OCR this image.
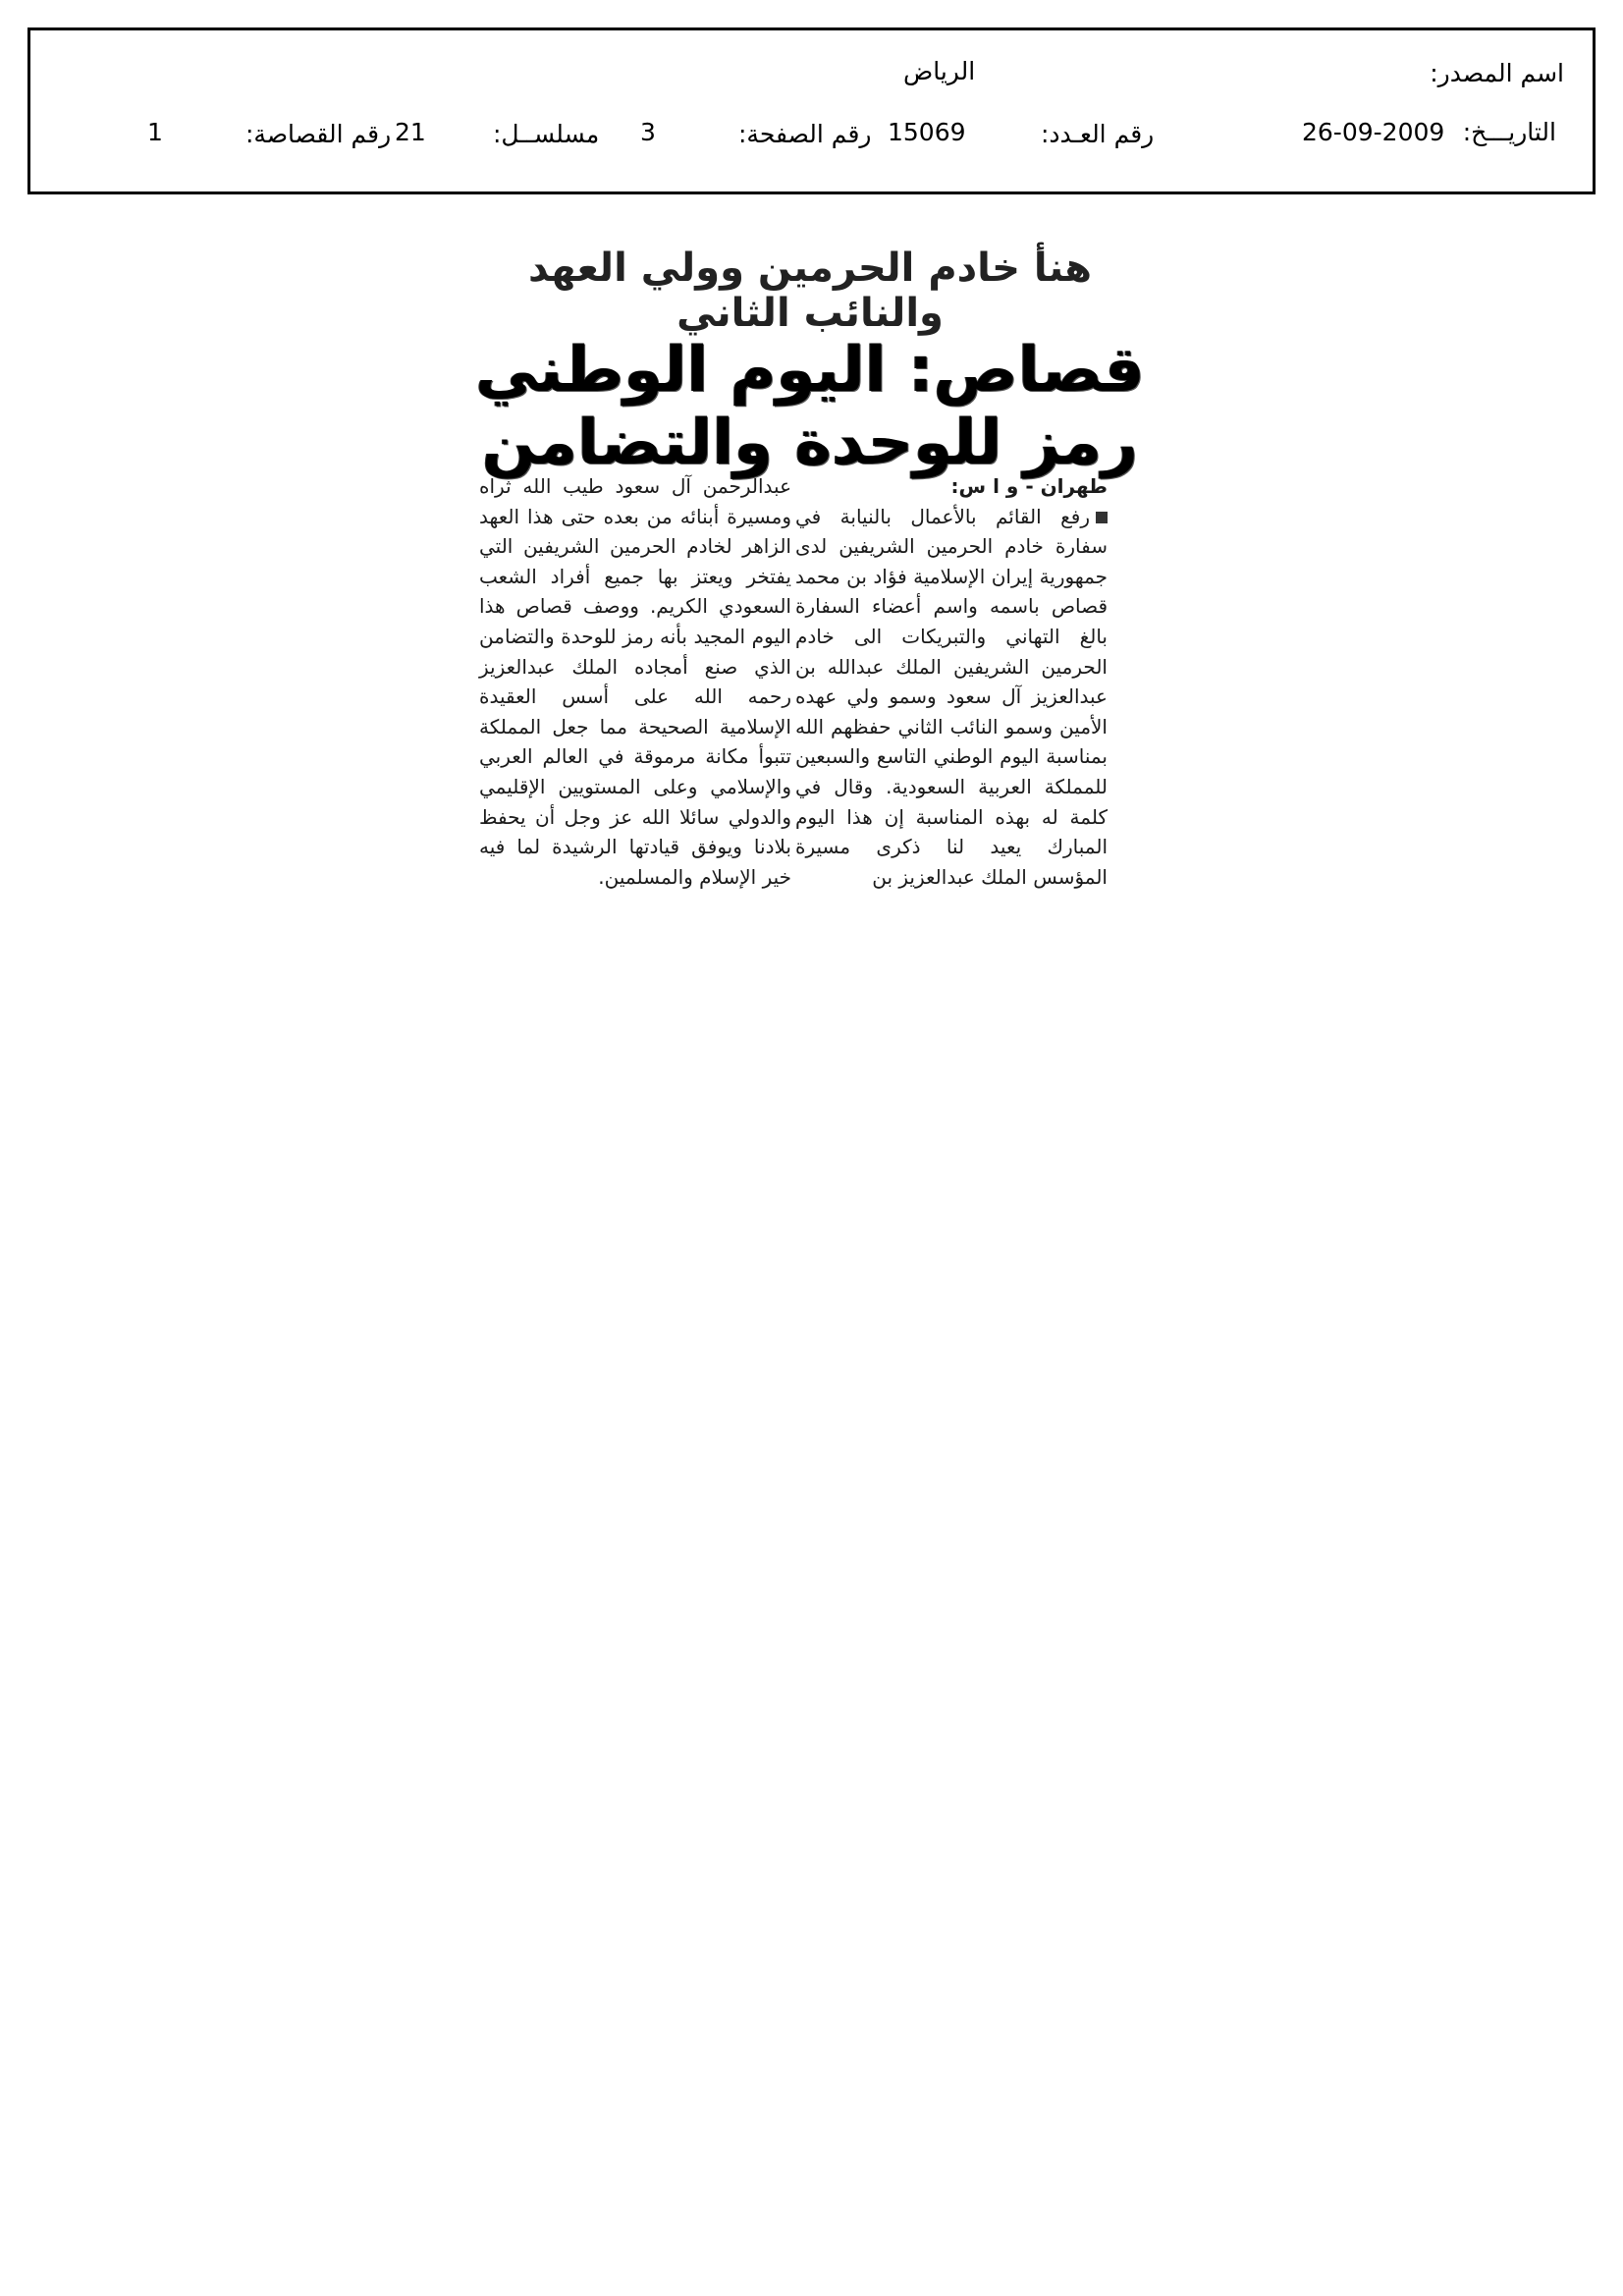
اسم المصدر:
الرياض
التاريـــخ:
26-09-2009
رقم العـدد:
15069
رقم الصفحة:
3
مسلســل:
21
رقم القصاصة:
1
هنأ خادم الحرمين وولي العهد والنائب الثاني
قصاص: اليوم الوطني رمز للوحدة والتضامن

طهران - و ا س:

رفع القائم بالأعمال بالنيابة في سفارة خادم الحرمين الشريفين لدى جمهورية إيران الإسلامية فؤاد بن محمد قصاص باسمه واسم أعضاء السفارة بالغ التهاني والتبريكات الى خادم الحرمين الشريفين الملك عبدالله بن عبدالعزيز آل سعود وسمو ولي عهده الأمين وسمو النائب الثاني حفظهم الله بمناسبة اليوم الوطني التاسع والسبعين للمملكة العربية السعودية. وقال في كلمة له بهذه المناسبة إن هذا اليوم المبارك يعيد لنا ذكرى مسيرة المؤسس الملك عبدالعزيز بن

عبدالرحمن آل سعود طيب الله ثراه ومسيرة أبنائه من بعده حتى هذا العهد الزاهر لخادم الحرمين الشريفين التي يفتخر ويعتز بها جميع أفراد الشعب السعودي الكريم. ووصف قصاص هذا اليوم المجيد بأنه رمز للوحدة والتضامن الذي صنع أمجاده الملك عبدالعزيز رحمه الله على أسس العقيدة الإسلامية الصحيحة مما جعل المملكة تتبوأ مكانة مرموقة في العالم العربي والإسلامي وعلى المستويين الإقليمي والدولي سائلا الله عز وجل أن يحفظ بلادنا ويوفق قيادتها الرشيدة لما فيه خير الإسلام والمسلمين.
